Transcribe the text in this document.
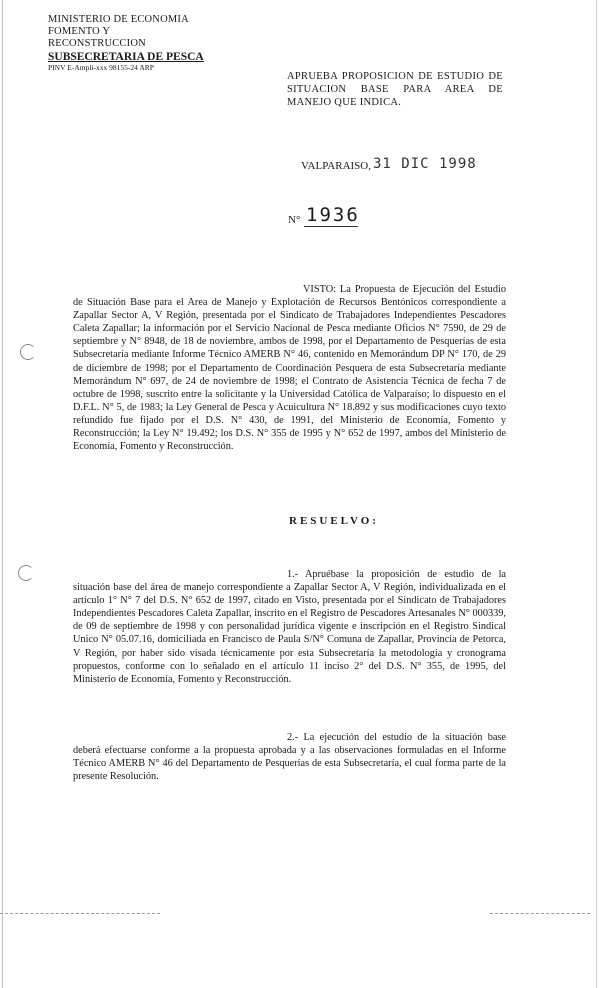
MINISTERIO DE ECONOMIA
FOMENTO Y RECONSTRUCCION
SUBSECRETARIA DE PESCA
PINV E-Ampli-xxx 98155-24 ARP
APRUEBA PROPOSICION DE ESTUDIO DE SITUACION BASE PARA AREA DE MANEJO QUE INDICA.
VALPARAISO, 31 DIC 1998
N° 1936
VISTO: La Propuesta de Ejecución del Estudio de Situación Base para el Area de Manejo y Explotación de Recursos Bentónicos correspondiente a Zapallar Sector A, V Región, presentada por el Sindicato de Trabajadores Independientes Pescadores Caleta Zapallar; la información por el Servicio Nacional de Pesca mediante Oficios N° 7590, de 29 de septiembre y N° 8948, de 18 de noviembre, ambos de 1998, por el Departamento de Pesquerías de esta Subsecretaría mediante Informe Técnico AMERB N° 46, contenido en Memorándum DP N° 170, de 29 de diciembre de 1998; por el Departamento de Coordinación Pesquera de esta Subsecretaría mediante Memorándum N° 697, de 24 de noviembre de 1998; el Contrato de Asistencia Técnica de fecha 7 de octubre de 1998, suscrito entre la solicitante y la Universidad Católica de Valparaíso; lo dispuesto en el D.F.L. N° 5, de 1983; la Ley General de Pesca y Acuicultura N° 18.892 y sus modificaciones cuyo texto refundido fue fijado por el D.S. N° 430, de 1991, del Ministerio de Economía, Fomento y Reconstrucción; la Ley N° 19.492; los D.S. N° 355 de 1995 y N° 652 de 1997, ambos del Ministerio de Economía, Fomento y Reconstrucción.
RESUELVO:
1.- Apruébase la proposición de estudio de la situación base del área de manejo correspondiente a Zapallar Sector A, V Región, individualizada en el artículo 1° N° 7 del D.S. N° 652 de 1997, citado en Visto, presentada por el Sindicato de Trabajadores Independientes Pescadores Caleta Zapallar, inscrito en el Registro de Pescadores Artesanales N° 000339, de 09 de septiembre de 1998 y con personalidad jurídica vigente e inscripción en el Registro Sindical Unico N° 05.07.16, domiciliada en Francisco de Paula S/N° Comuna de Zapallar, Provincia de Petorca, V Región, por haber sido visada técnicamente por esta Subsecretaría la metodología y cronograma propuestos, conforme con lo señalado en el artículo 11 inciso 2° del D.S. N° 355, de 1995, del Ministerio de Economía, Fomento y Reconstrucción.
2.- La ejecución del estudio de la situación base deberá efectuarse conforme a la propuesta aprobada y a las observaciones formuladas en el Informe Técnico AMERB N° 46 del Departamento de Pesquerías de esta Subsecretaría, el cual forma parte de la presente Resolución.
